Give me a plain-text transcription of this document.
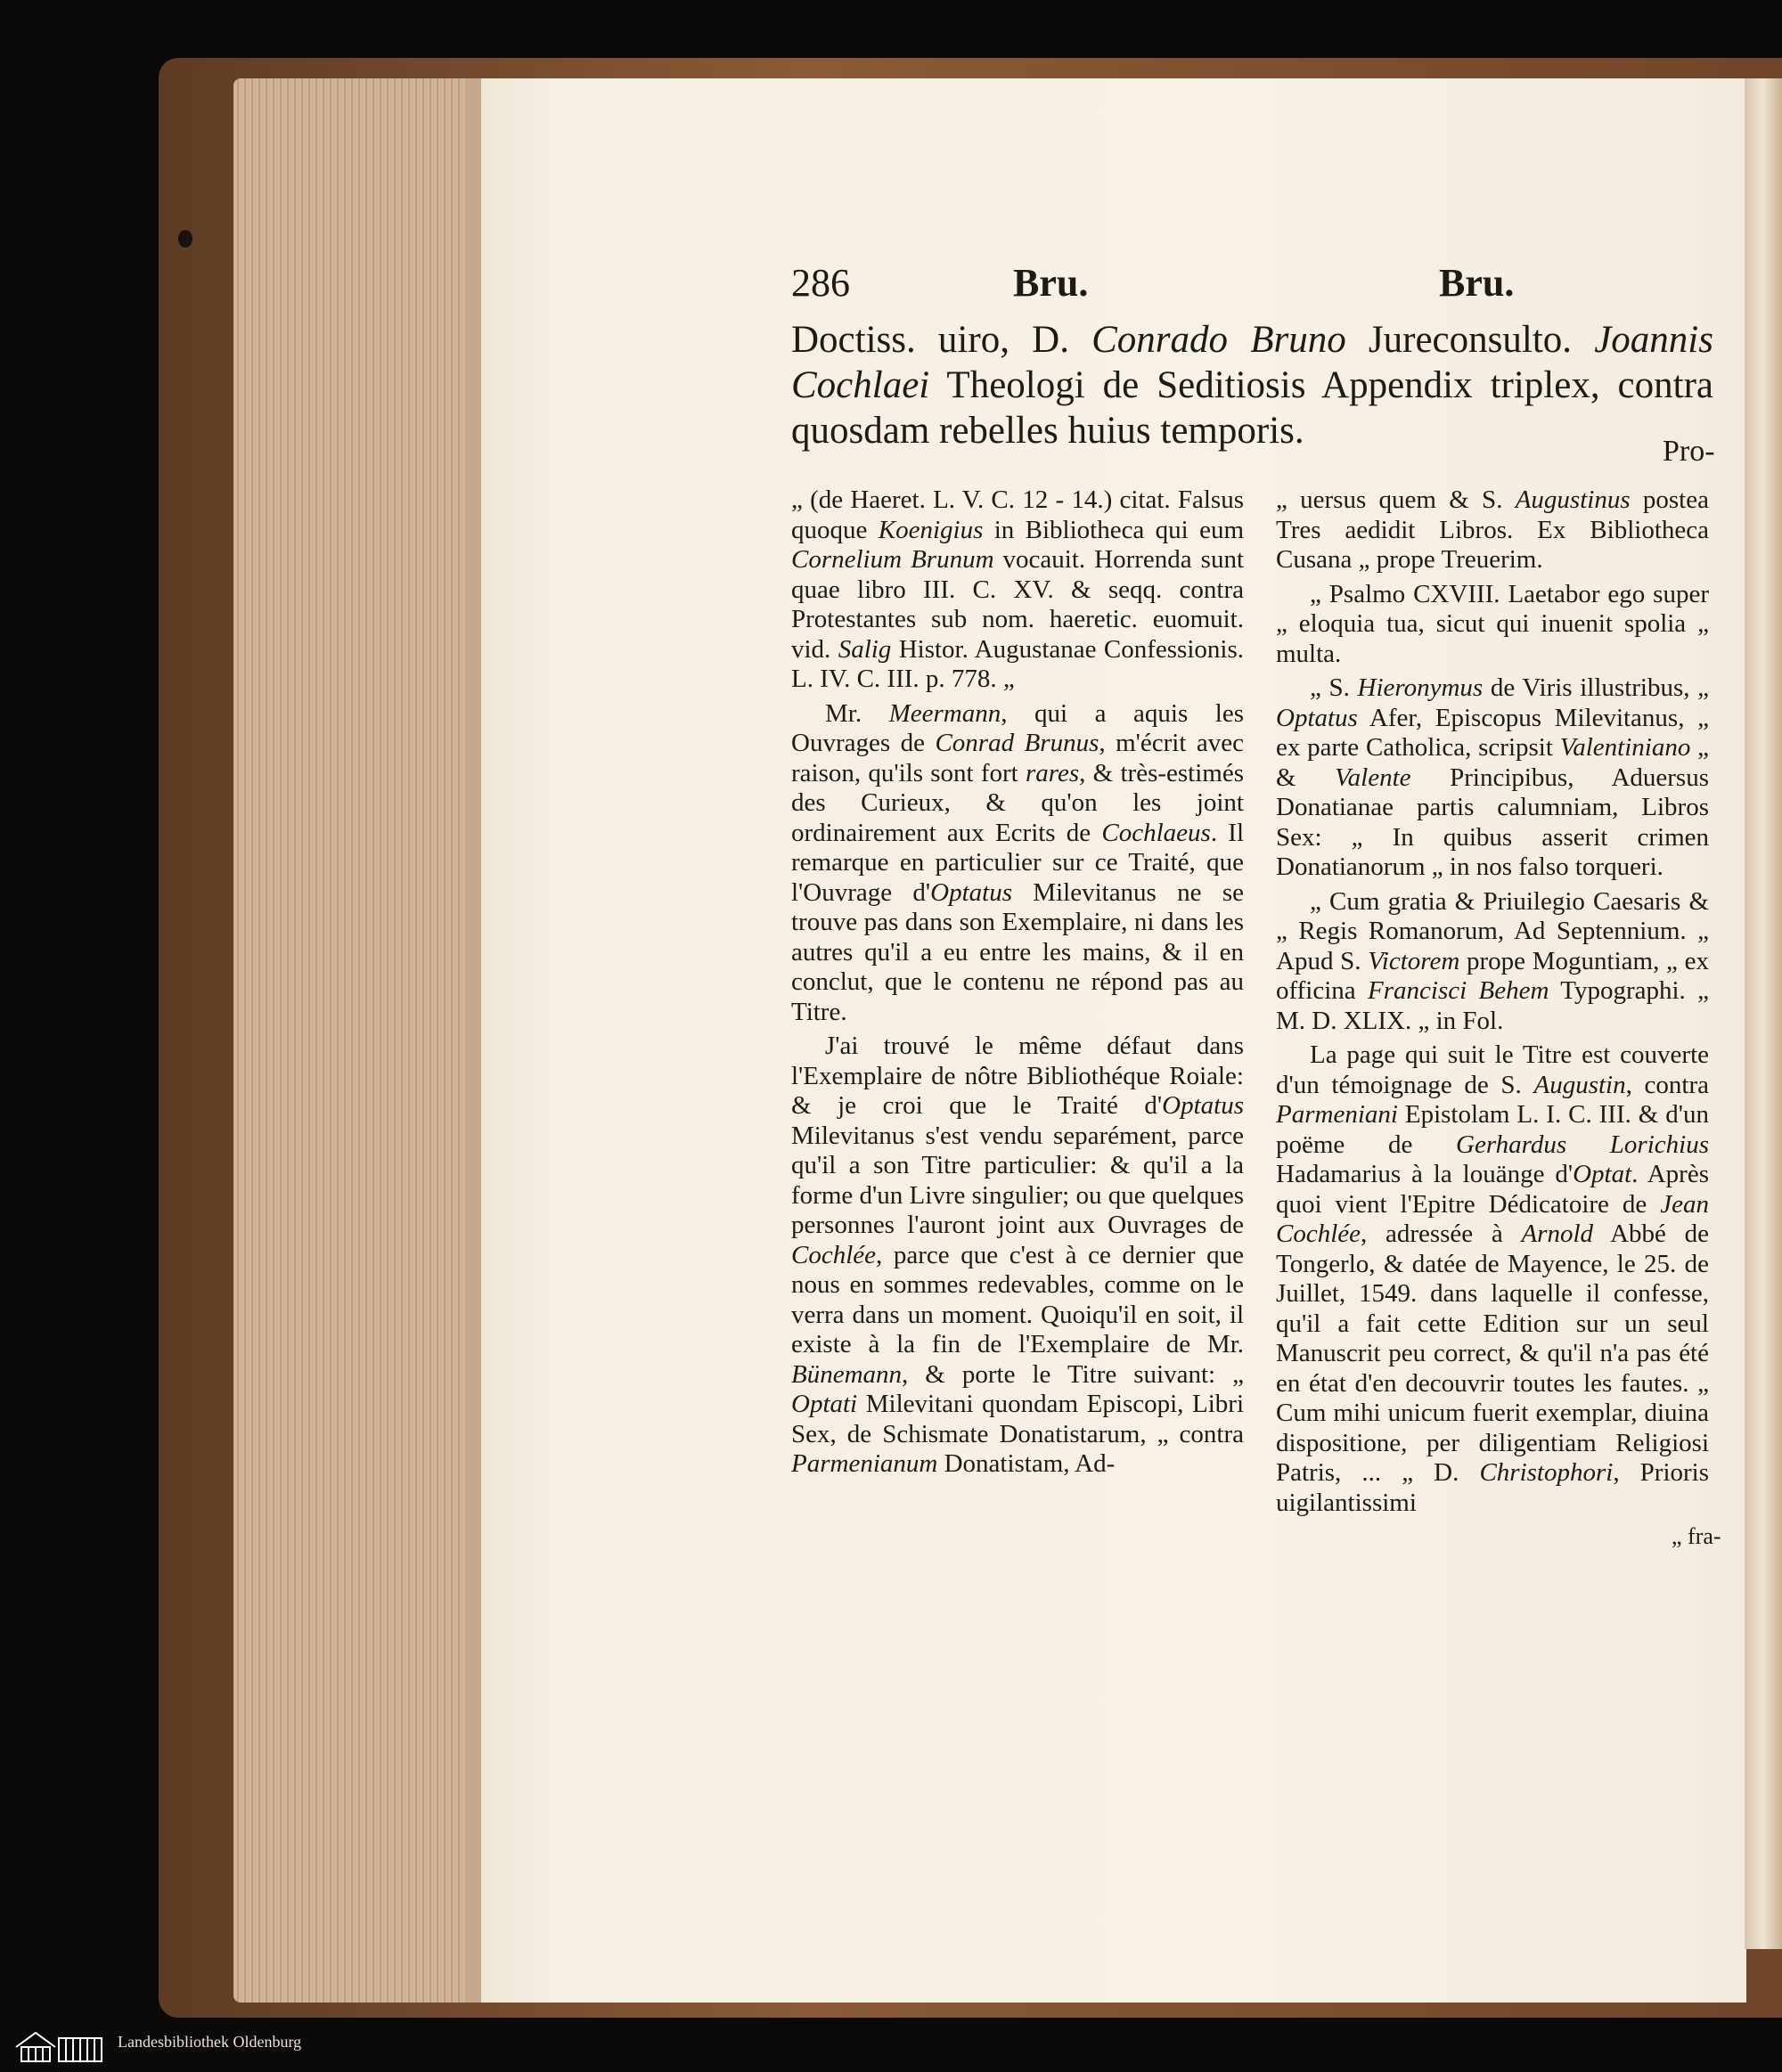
286	Bru.	Bru.
Doctiss. uiro, D. Conrado Bruno Jureconsulto. Joannis Cochlaei Theologi de Seditiosis Appendix triplex, contra quosdam rebelles huius temporis.	Pro-

„ (de Haeret. L. V. C. 12 - 14.) citat. Falsus quoque Koenigius in Bibliotheca qui eum Cornelium Brunum vocauit. Horrenda sunt quae libro III. C. XV. & seqq. contra Protestantes sub nom. haeretic. euomuit. vid. Salig Histor. Augustanae Confessionis. L. IV. C. III. p. 778. „

Mr. Meermann, qui a aquis les Ouvrages de Conrad Brunus, m'écrit avec raison, qu'ils sont fort rares, & très-estimés des Curieux, & qu'on les joint ordinairement aux Ecrits de Cochlaeus. Il remarque en particulier sur ce Traité, que l'Ouvrage d'Optatus Milevitanus ne se trouve pas dans son Exemplaire, ni dans les autres qu'il a eu entre les mains, & il en conclut, que le contenu ne répond pas au Titre.

J'ai trouvé le même défaut dans l'Exemplaire de nôtre Bibliothéque Roiale: & je croi que le Traité d'Optatus Milevitanus s'est vendu separément, parce qu'il a son Titre particulier: & qu'il a la forme d'un Livre singulier; ou que quelques personnes l'auront joint aux Ouvrages de Cochlée, parce que c'est à ce dernier que nous en sommes redevables, comme on le verra dans un moment. Quoiqu'il en soit, il existe à la fin de l'Exemplaire de Mr. Bünemann, & porte le Titre suivant: „ Optati Milevitani quondam Episcopi, Libri Sex, de Schismate Donatistarum, „ contra Parmenianum Donatistam, Ad-

„ uersus quem & S. Augustinus postea Tres aedidit Libros. Ex Bibliotheca Cusana „ prope Treuerim.

„ Psalmo CXVIII. Laetabor ego super „ eloquia tua, sicut qui inuenit spolia „ multa.

„ S. Hieronymus de Viris illustribus, „ Optatus Afer, Episcopus Milevitanus, „ ex parte Catholica, scripsit Valentiniano „ & Valente Principibus, Aduersus Donatianae partis calumniam, Libros Sex: „ In quibus asserit crimen Donatianorum „ in nos falso torqueri.

„ Cum gratia & Priuilegio Caesaris & „ Regis Romanorum, Ad Septennium. „ Apud S. Victorem prope Moguntiam, „ ex officina Francisci Behem Typographi. „ M. D. XLIX. „ in Fol.

La page qui suit le Titre est couverte d'un témoignage de S. Augustin, contra Parmeniani Epistolam L. I. C. III. & d'un poëme de Gerhardus Lorichius Hadamarius à la louänge d'Optat. Après quoi vient l'Epitre Dédicatoire de Jean Cochlée, adressée à Arnold Abbé de Tongerlo, & datée de Mayence, le 25. de Juillet, 1549. dans laquelle il confesse, qu'il a fait cette Edition sur un seul Manuscrit peu correct, & qu'il n'a pas été en état d'en decouvrir toutes les fautes. „ Cum mihi unicum fuerit exemplar, diuina dispositione, per diligentiam Religiosi Patris, ... „ D. Christophori, Prioris uigilantissimi

„ fra-
Landesbibliothek Oldenburg
